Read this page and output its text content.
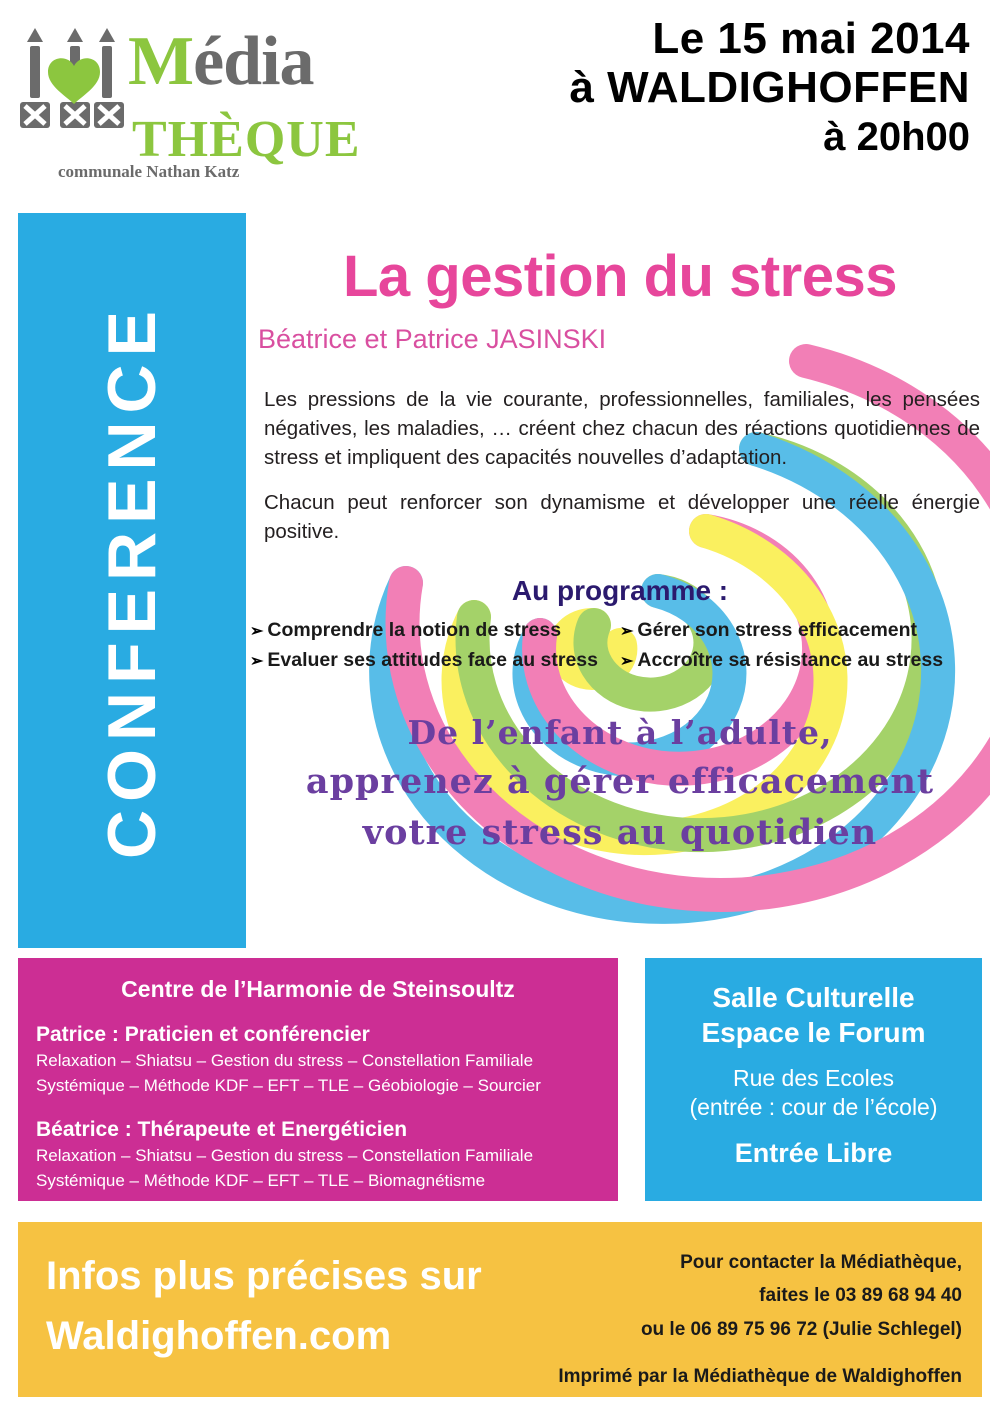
Média
THÈQUE
communale Nathan Katz
Le 15 mai 2014
à WALDIGHOFFEN
à 20h00
CONFERENCE
La gestion du stress
Béatrice et Patrice JASINSKI
Les pressions de la vie courante, professionnelles, familiales, les pensées négatives, les maladies, … créent chez chacun des réactions quotidiennes de stress et impliquent des capacités nouvelles d’adaptation.
Chacun peut renforcer son dynamisme et développer une réelle énergie positive.
Au programme :
➢ Comprendre la notion de stress
➢ Evaluer ses attitudes face au stress
➢ Gérer son stress efficacement
➢ Accroître sa résistance au stress
De l’enfant à l’adulte,
apprenez à gérer efficacement
votre stress au quotidien
Centre de l’Harmonie de Steinsoultz
Patrice : Praticien et conférencier
Relaxation – Shiatsu – Gestion du stress – Constellation Familiale
Systémique – Méthode KDF – EFT – TLE – Géobiologie – Sourcier
Béatrice : Thérapeute et Energéticien
Relaxation – Shiatsu – Gestion du stress – Constellation Familiale
Systémique – Méthode KDF – EFT – TLE – Biomagnétisme
Salle Culturelle
Espace le Forum
Rue des Ecoles
(entrée : cour de l’école)
Entrée Libre
Infos plus précises sur
Waldighoffen.com
Pour contacter la Médiathèque,
faites le 03 89 68 94 40
ou le 06 89 75 96 72 (Julie Schlegel)
Imprimé par la Médiathèque de Waldighoffen
